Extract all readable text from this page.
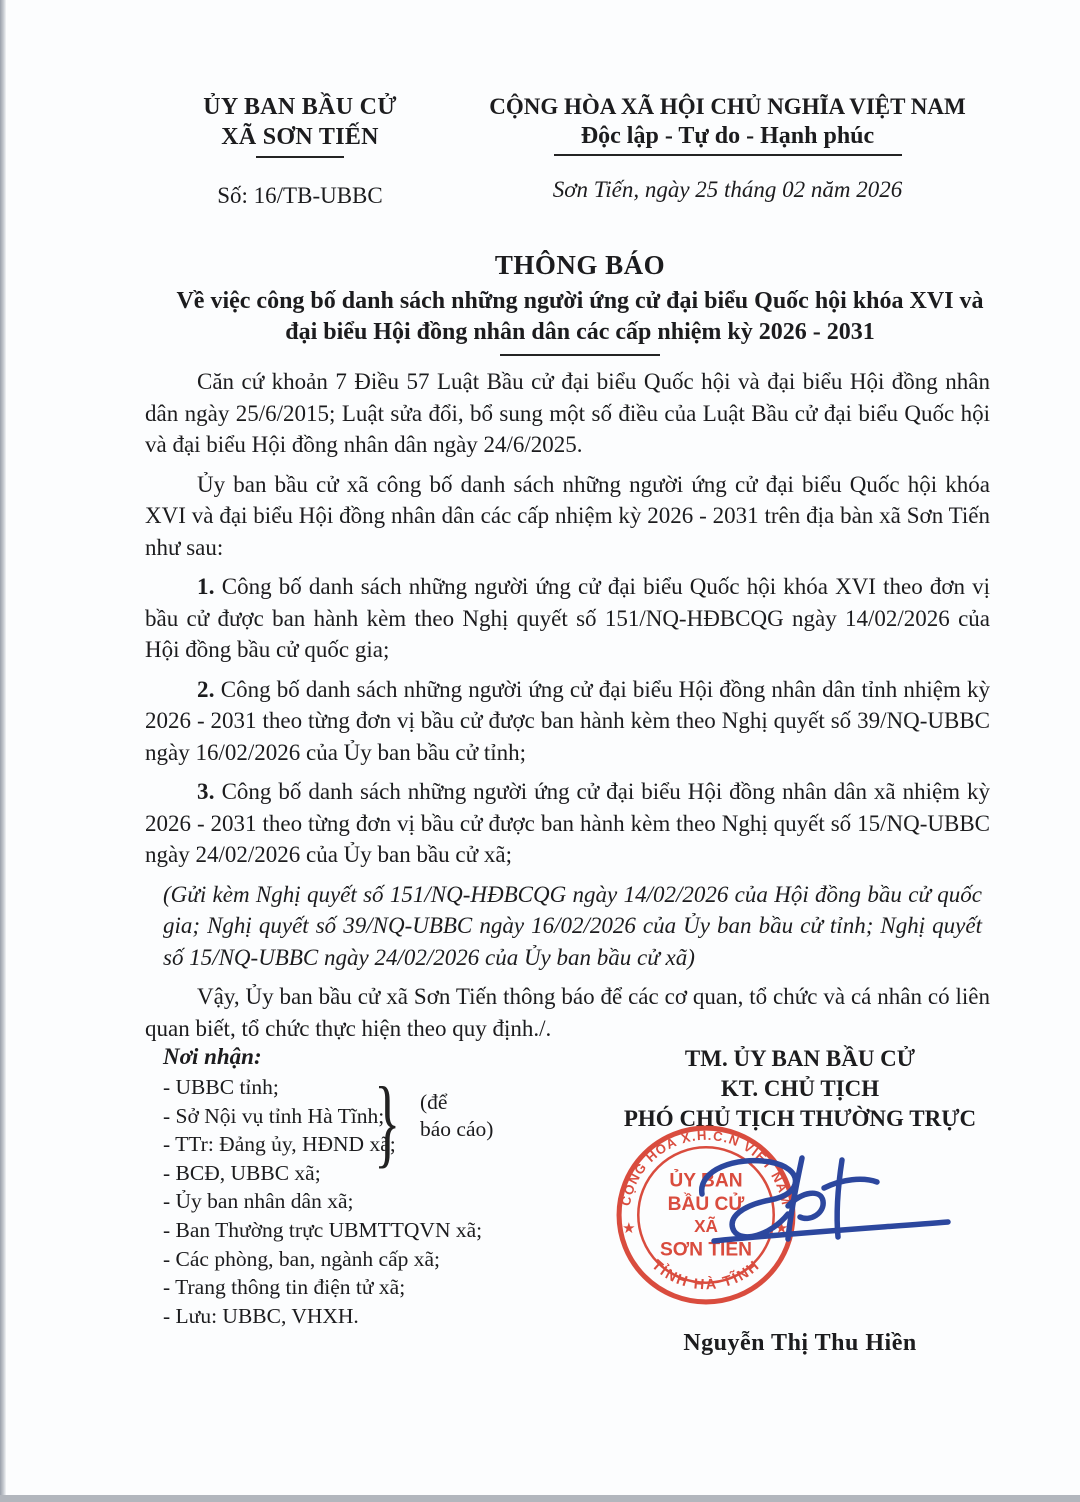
ỦY BAN BẦU CỬ
XÃ SƠN TIẾN
Số: 16/TB-UBBC
CỘNG HÒA XÃ HỘI CHỦ NGHĨA VIỆT NAM
Độc lập - Tự do - Hạnh phúc
Sơn Tiến, ngày 25 tháng 02 năm 2026
THÔNG BÁO
Về việc công bố danh sách những người ứng cử đại biểu Quốc hội khóa XVI và
đại biểu Hội đồng nhân dân các cấp nhiệm kỳ 2026 - 2031

Căn cứ khoản 7 Điều 57 Luật Bầu cử đại biểu Quốc hội và đại biểu Hội đồng nhân dân ngày 25/6/2015; Luật sửa đổi, bổ sung một số điều của Luật Bầu cử đại biểu Quốc hội và đại biểu Hội đồng nhân dân ngày 24/6/2025.

Ủy ban bầu cử xã công bố danh sách những người ứng cử đại biểu Quốc hội khóa XVI và đại biểu Hội đồng nhân dân các cấp nhiệm kỳ 2026 - 2031 trên địa bàn xã Sơn Tiến như sau:

1. Công bố danh sách những người ứng cử đại biểu Quốc hội khóa XVI theo đơn vị bầu cử được ban hành kèm theo Nghị quyết số 151/NQ-HĐBCQG ngày 14/02/2026 của Hội đồng bầu cử quốc gia;

2. Công bố danh sách những người ứng cử đại biểu Hội đồng nhân dân tỉnh nhiệm kỳ 2026 - 2031 theo từng đơn vị bầu cử được ban hành kèm theo Nghị quyết số 39/NQ-UBBC ngày 16/02/2026 của Ủy ban bầu cử tỉnh;

3. Công bố danh sách những người ứng cử đại biểu Hội đồng nhân dân xã nhiệm kỳ 2026 - 2031 theo từng đơn vị bầu cử được ban hành kèm theo Nghị quyết số 15/NQ-UBBC ngày 24/02/2026 của Ủy ban bầu cử xã;

(Gửi kèm Nghị quyết số 151/NQ-HĐBCQG ngày 14/02/2026 của Hội đồng bầu cử quốc gia; Nghị quyết số 39/NQ-UBBC ngày 16/02/2026 của Ủy ban bầu cử tỉnh; Nghị quyết số 15/NQ-UBBC ngày 24/02/2026 của Ủy ban bầu cử xã)

Vậy, Ủy ban bầu cử xã Sơn Tiến thông báo để các cơ quan, tổ chức và cá nhân có liên quan biết, tổ chức thực hiện theo quy định./.

Nơi nhận:
- UBBC tỉnh;
- Sở Nội vụ tỉnh Hà Tĩnh;
- TTr: Đảng ủy, HĐND xã;
- BCĐ, UBBC xã;
- Ủy ban nhân dân xã;
- Ban Thường trực UBMTTQVN xã;
- Các phòng, ban, ngành cấp xã;
- Trang thông tin điện tử xã;
- Lưu: UBBC, VHXH.
} (để
báo cáo)
TM. ỦY BAN BẦU CỬ
KT. CHỦ TỊCH
PHÓ CHỦ TỊCH THƯỜNG TRỰC
CỘNG HÒA X.H.C.N VIỆT NAM
TỈNH HÀ TĨNH
★	★
ỦY BAN
BẦU CỬ
XÃ
SƠN TIẾN
Nguyễn Thị Thu Hiền
